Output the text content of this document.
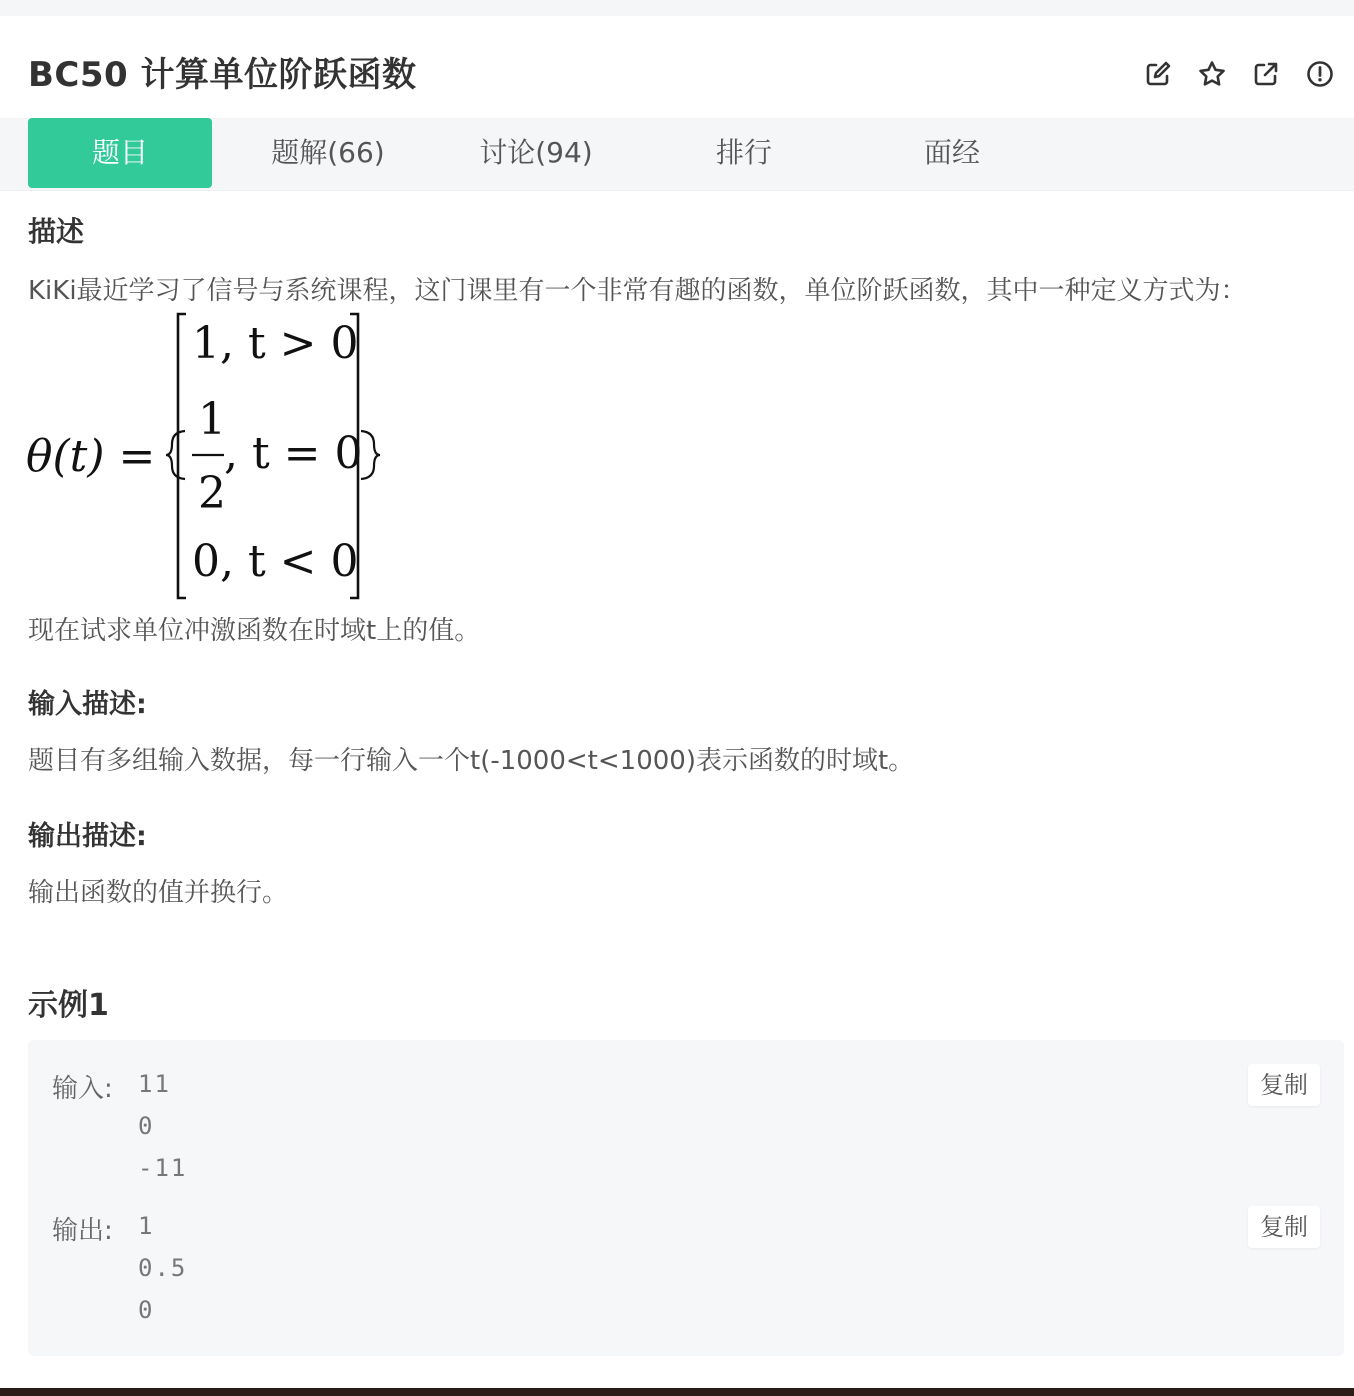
BC50 计算单位阶跃函数
题目	题解(66)	讨论(94)	排行	面经
描述
KiKi最近学习了信号与系统课程，这门课里有一个非常有趣的函数，单位阶跃函数，其中一种定义方式为：
θ(t) =
1, t > 0
1
2
, t = 0
0, t < 0
现在试求单位冲激函数在时域t上的值。
输入描述:
题目有多组输入数据，每一行输入一个t(-1000<t<1000)表示函数的时域t。
输出描述:
输出函数的值并换行。
示例1
输入: 11
0
-11
复制
输出: 1
0.5
0
复制
